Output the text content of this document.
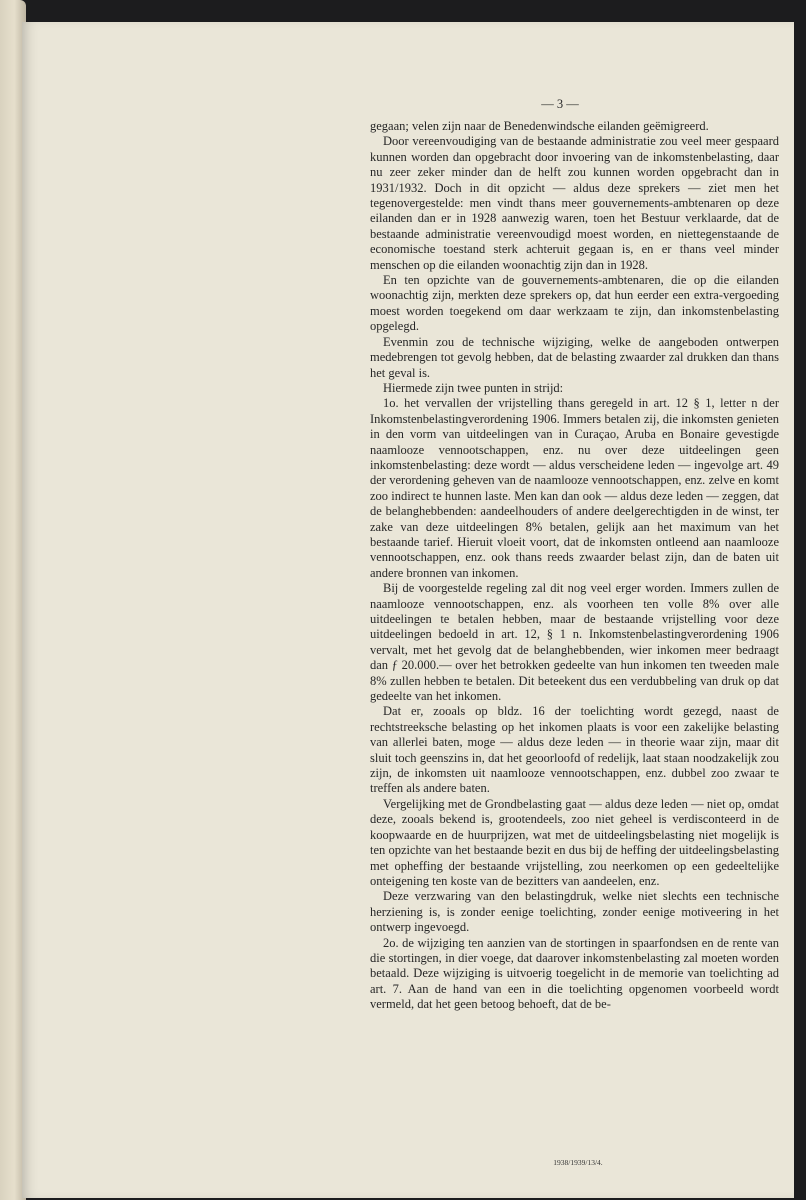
— 3 —

gegaan; velen zijn naar de Benedenwindsche eilanden geëmigreerd.

Door vereenvoudiging van de bestaande administratie zou veel meer gespaard kunnen worden dan opgebracht door invoering van de inkomstenbelasting, daar nu zeer zeker minder dan de helft zou kunnen worden opgebracht dan in 1931/1932. Doch in dit opzicht — aldus deze sprekers — ziet men het tegenovergestelde: men vindt thans meer gouvernements-ambtenaren op deze eilanden dan er in 1928 aanwezig waren, toen het Bestuur verklaarde, dat de bestaande administratie vereenvoudigd moest worden, en niettegenstaande de economische toestand sterk achteruit gegaan is, en er thans veel minder menschen op die eilanden woonachtig zijn dan in 1928.

En ten opzichte van de gouvernements-ambtenaren, die op die eilanden woonachtig zijn, merkten deze sprekers op, dat hun eerder een extra-vergoeding moest worden toegekend om daar werkzaam te zijn, dan inkomstenbelasting opgelegd.

Evenmin zou de technische wijziging, welke de aangeboden ontwerpen medebrengen tot gevolg hebben, dat de belasting zwaarder zal drukken dan thans het geval is.

Hiermede zijn twee punten in strijd:

1o. het vervallen der vrijstelling thans geregeld in art. 12 § 1, letter n der Inkomstenbelastingverordening 1906. Immers betalen zij, die inkomsten genieten in den vorm van uitdeelingen van in Curaçao, Aruba en Bonaire gevestigde naamlooze vennootschappen, enz. nu over deze uitdeelingen geen inkomstenbelasting: deze wordt — aldus verscheidene leden — ingevolge art. 49 der verordening geheven van de naamlooze vennootschappen, enz. zelve en komt zoo indirect te hunnen laste. Men kan dan ook — aldus deze leden — zeggen, dat de belanghebbenden: aandeelhouders of andere deelgerechtigden in de winst, ter zake van deze uitdeelingen 8% betalen, gelijk aan het maximum van het bestaande tarief. Hieruit vloeit voort, dat de inkomsten ontleend aan naamlooze vennootschappen, enz. ook thans reeds zwaarder belast zijn, dan de baten uit andere bronnen van inkomen.

Bij de voorgestelde regeling zal dit nog veel erger worden. Immers zullen de naamlooze vennootschappen, enz. als voorheen ten volle 8% over alle uitdeelingen te betalen hebben, maar de bestaande vrijstelling voor deze uitdeelingen bedoeld in art. 12, § 1 n. Inkomstenbelastingverordening 1906 vervalt, met het gevolg dat de belanghebbenden, wier inkomen meer bedraagt dan ƒ 20.000.— over het betrokken gedeelte van hun inkomen ten tweeden male 8% zullen hebben te betalen. Dit beteekent dus een verdubbeling van druk op dat gedeelte van het inkomen.

Dat er, zooals op bldz. 16 der toelichting wordt gezegd, naast de rechtstreeksche belasting op het inkomen plaats is voor een zakelijke belasting van allerlei baten, moge — aldus deze leden — in theorie waar zijn, maar dit sluit toch geenszins in, dat het geoorloofd of redelijk, laat staan noodzakelijk zou zijn, de inkomsten uit naamlooze vennootschappen, enz. dubbel zoo zwaar te treffen als andere baten.

Vergelijking met de Grondbelasting gaat — aldus deze leden — niet op, omdat deze, zooals bekend is, grootendeels, zoo niet geheel is verdisconteerd in de koopwaarde en de huurprijzen, wat met de uitdeelingsbelasting niet mogelijk is ten opzichte van het bestaande bezit en dus bij de heffing der uitdeelingsbelasting met opheffing der bestaande vrijstelling, zou neerkomen op een gedeeltelijke onteigening ten koste van de bezitters van aandeelen, enz.

Deze verzwaring van den belastingdruk, welke niet slechts een technische herziening is, is zonder eenige toelichting, zonder eenige motiveering in het ontwerp ingevoegd.

2o. de wijziging ten aanzien van de stortingen in spaarfondsen en de rente van die stortingen, in dier voege, dat daarover inkomstenbelasting zal moeten worden betaald. Deze wijziging is uitvoerig toegelicht in de memorie van toelichting ad art. 7. Aan de hand van een in die toelichting opgenomen voorbeeld wordt vermeld, dat het geen betoog behoeft, dat de be-

1938/1939/13/4.
